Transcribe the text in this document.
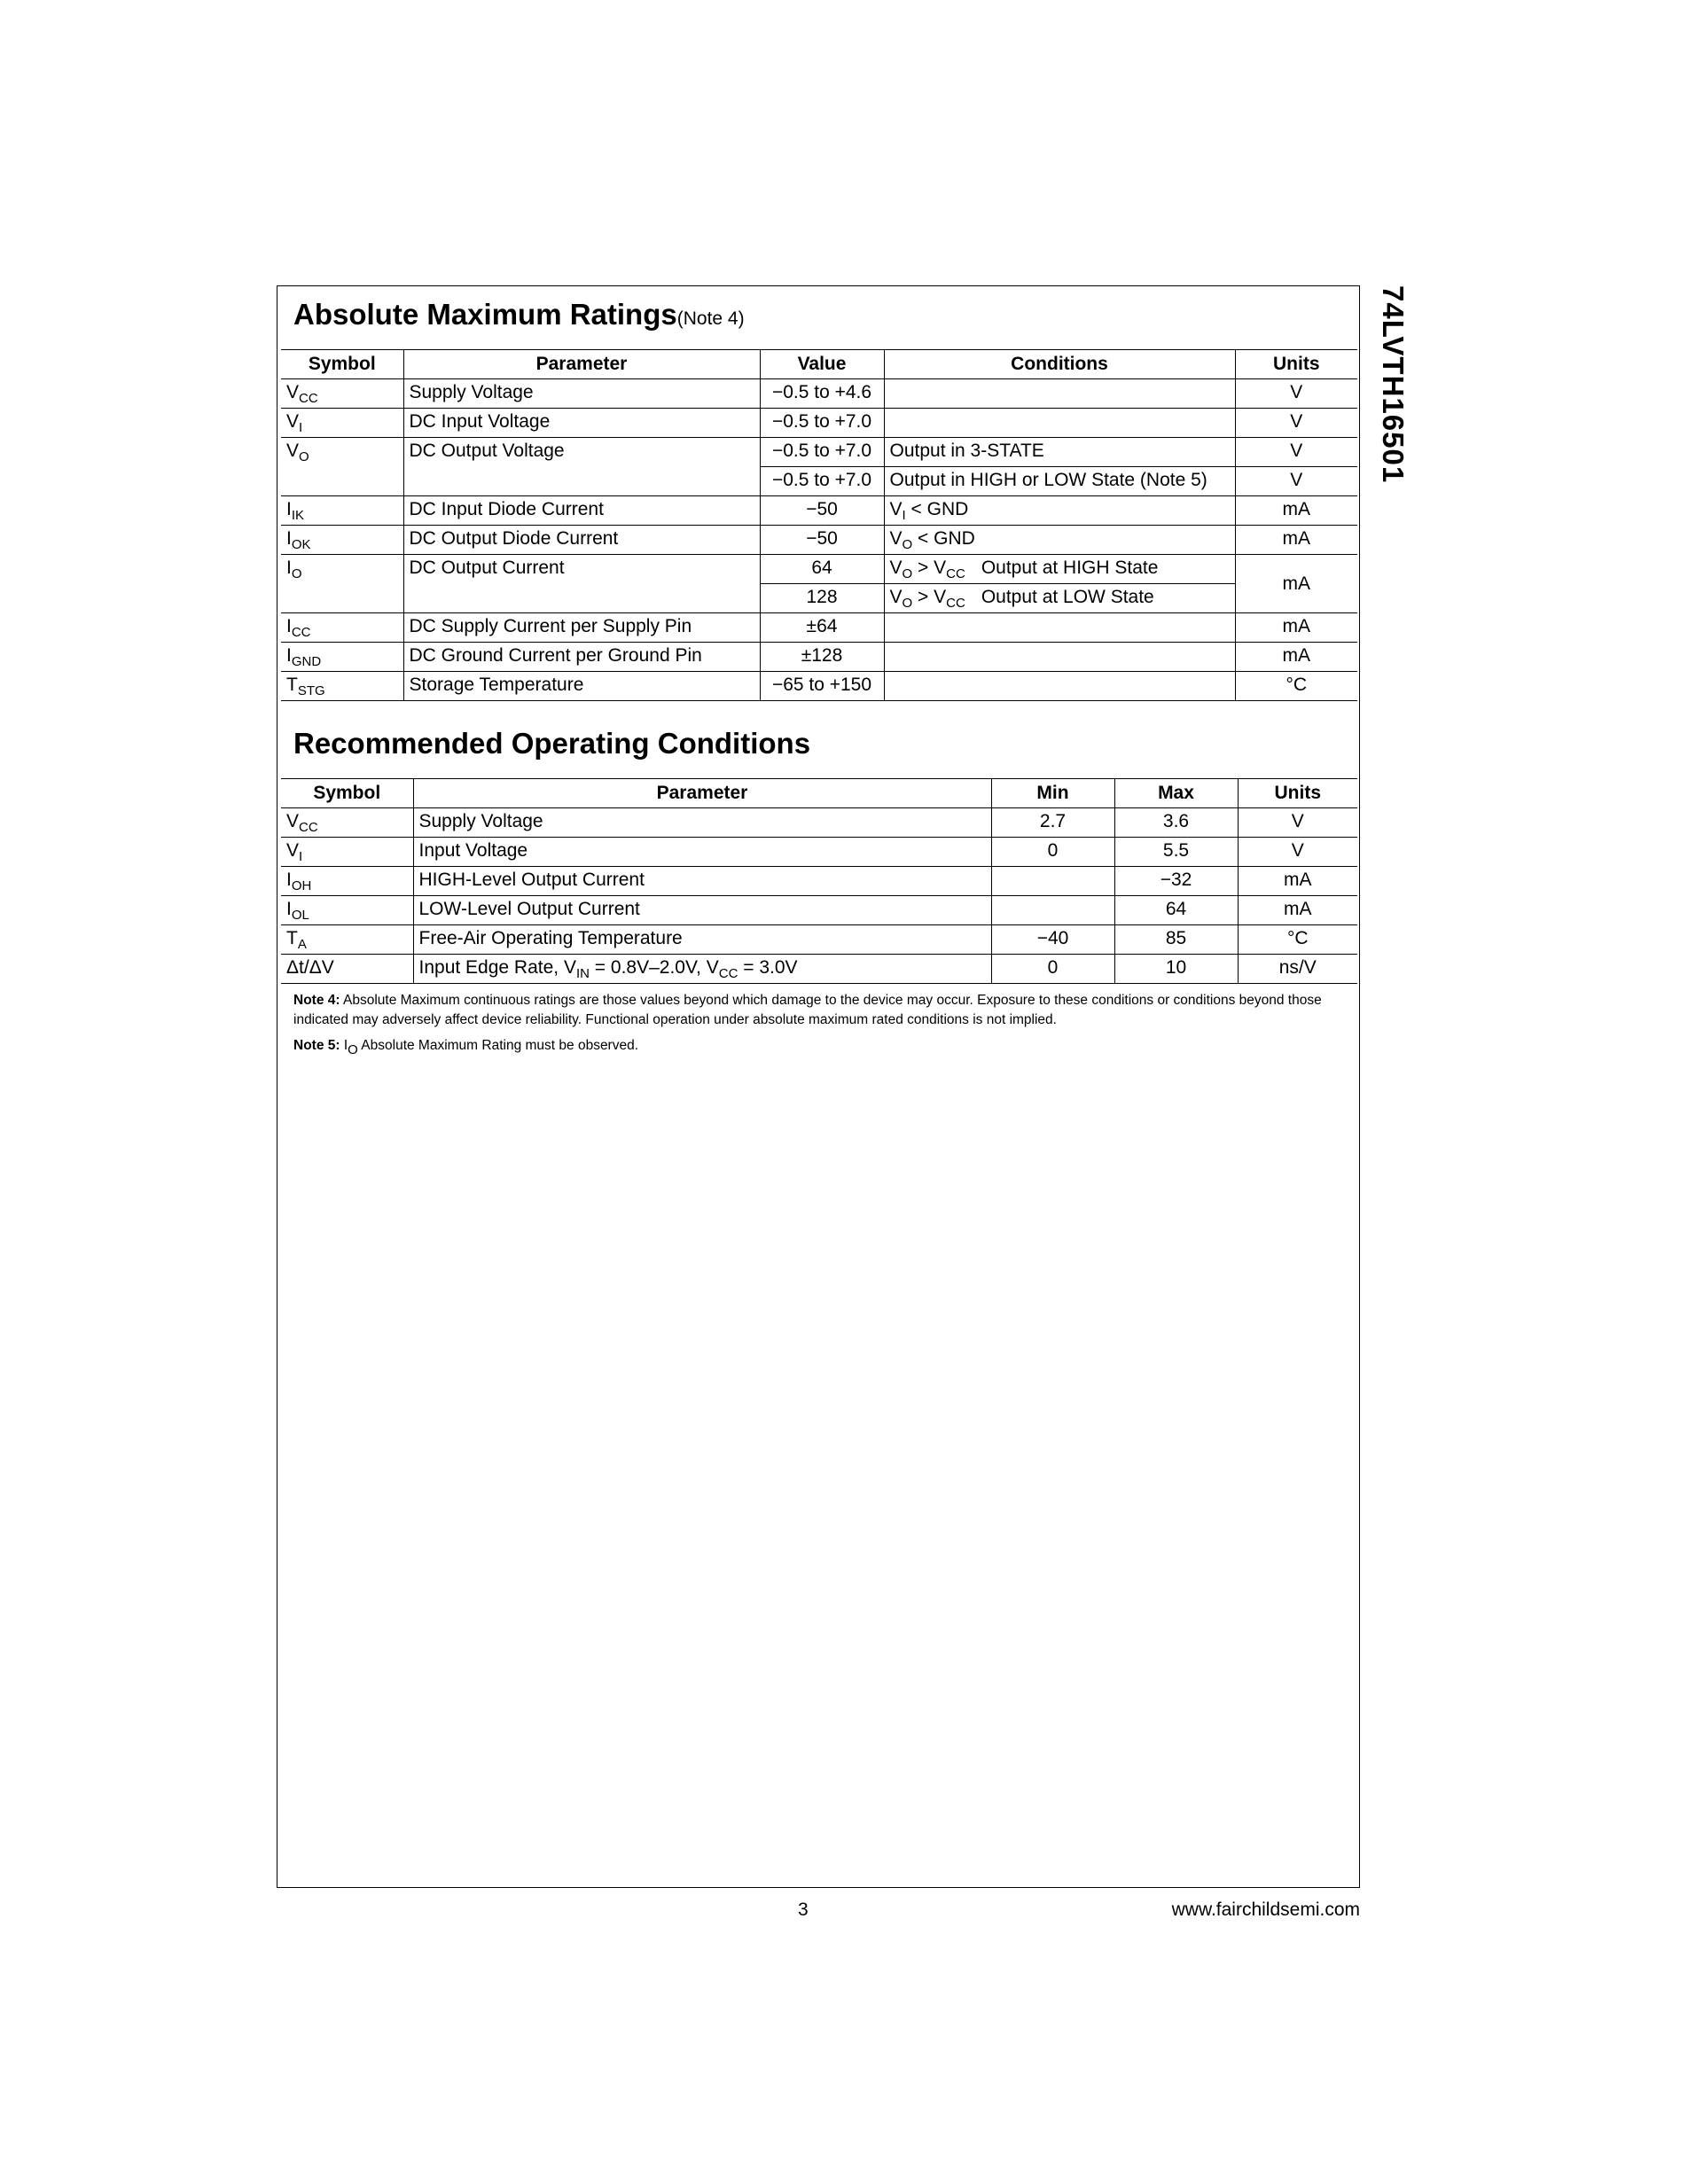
74LVTH16501
Absolute Maximum Ratings(Note 4)
Symbol	Parameter	Value	Conditions	Units
$V_{CC}$	Supply Voltage	−0.5 to +4.6		V
$V_I$	DC Input Voltage	−0.5 to +7.0		V
$V_O$	DC Output Voltage	−0.5 to +7.0	Output in 3-STATE	V
		−0.5 to +7.0	Output in HIGH or LOW State (Note 5)	V
$I_{IK}$	DC Input Diode Current	−50	$V_I$ < GND	mA
$I_{OK}$	DC Output Diode Current	−50	$V_O$ < GND	mA
$I_O$	DC Output Current	64	$V_O > V_{CC}$ Output at HIGH State	mA
		128	$V_O > V_{CC}$ Output at LOW State	
$I_{CC}$	DC Supply Current per Supply Pin	±64		mA
$I_{GND}$	DC Ground Current per Ground Pin	±128		mA
$T_{STG}$	Storage Temperature	−65 to +150		°C
Recommended Operating Conditions
Symbol	Parameter	Min	Max	Units
$V_{CC}$	Supply Voltage	2.7	3.6	V
$V_I$	Input Voltage	0	5.5	V
$I_{OH}$	HIGH-Level Output Current		−32	mA
$I_{OL}$	LOW-Level Output Current		64	mA
$T_A$	Free-Air Operating Temperature	−40	85	°C
Δt/ΔV	Input Edge Rate, $V_{IN} = 0.8V-2.0V$, $V_{CC} = 3.0V$	0	10	ns/V
Note 4: Absolute Maximum continuous ratings are those values beyond which damage to the device may occur. Exposure to these conditions or conditions beyond those indicated may adversely affect device reliability. Functional operation under absolute maximum rated conditions is not implied.
Note 5: $I_O$ Absolute Maximum Rating must be observed.
3	www.fairchildsemi.com
